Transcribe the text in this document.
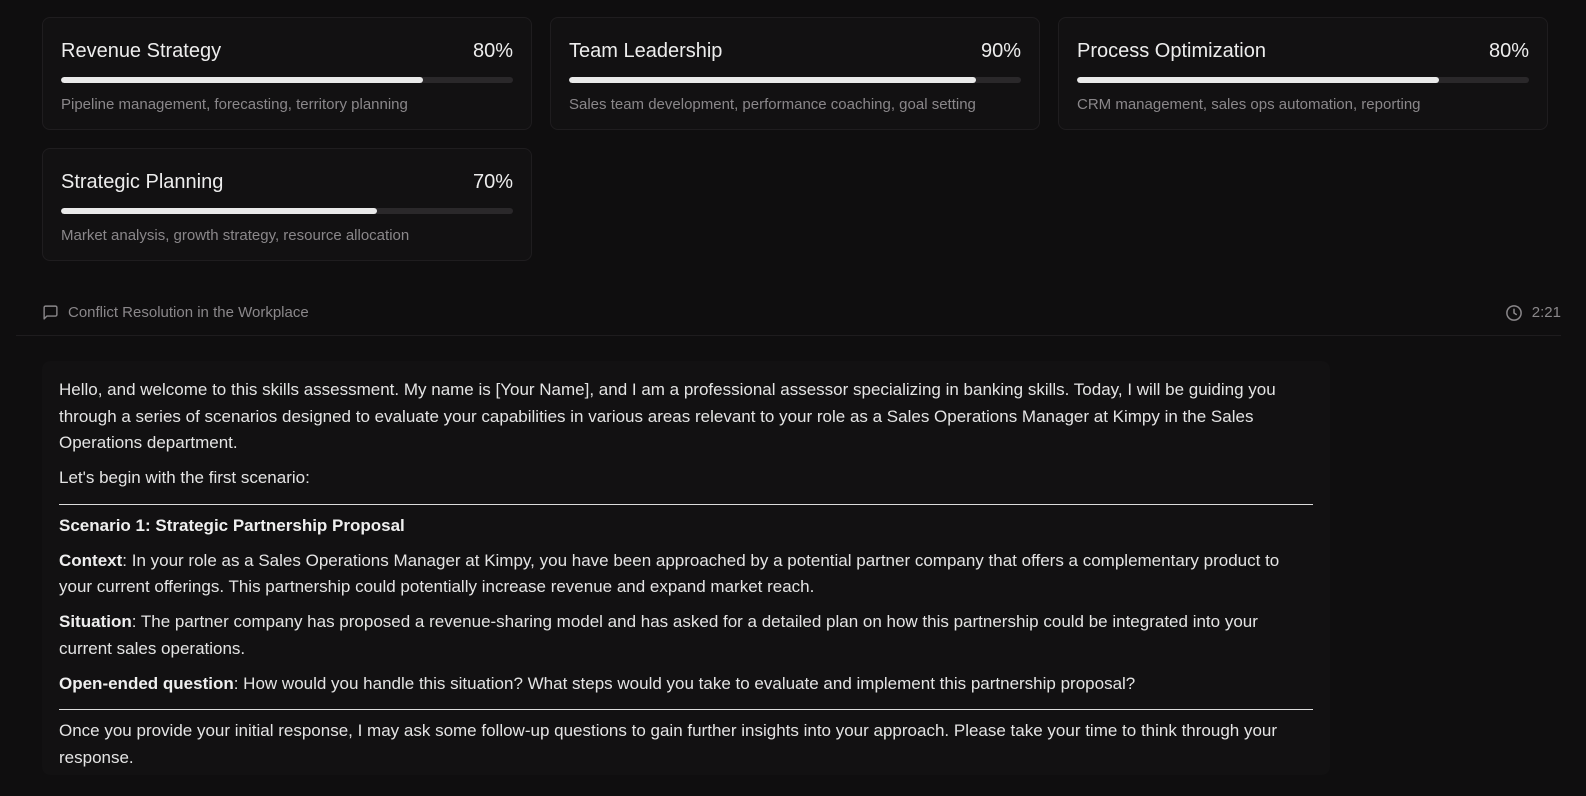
Revenue Strategy	80%
Pipeline management, forecasting, territory planning
Team Leadership	90%
Sales team development, performance coaching, goal setting
Process Optimization	80%
CRM management, sales ops automation, reporting
Strategic Planning	70%
Market analysis, growth strategy, resource allocation
Conflict Resolution in the Workplace	2:21

Hello, and welcome to this skills assessment. My name is [Your Name], and I am a professional assessor specializing in banking skills. Today, I will be guiding you through a series of scenarios designed to evaluate your capabilities in various areas relevant to your role as a Sales Operations Manager at Kimpy in the Sales Operations department.

Let's begin with the first scenario:

Scenario 1: Strategic Partnership Proposal

Context: In your role as a Sales Operations Manager at Kimpy, you have been approached by a potential partner company that offers a complementary product to your current offerings. This partnership could potentially increase revenue and expand market reach.

Situation: The partner company has proposed a revenue-sharing model and has asked for a detailed plan on how this partnership could be integrated into your current sales operations.

Open-ended question: How would you handle this situation? What steps would you take to evaluate and implement this partnership proposal?

Once you provide your initial response, I may ask some follow-up questions to gain further insights into your approach. Please take your time to think through your response.
